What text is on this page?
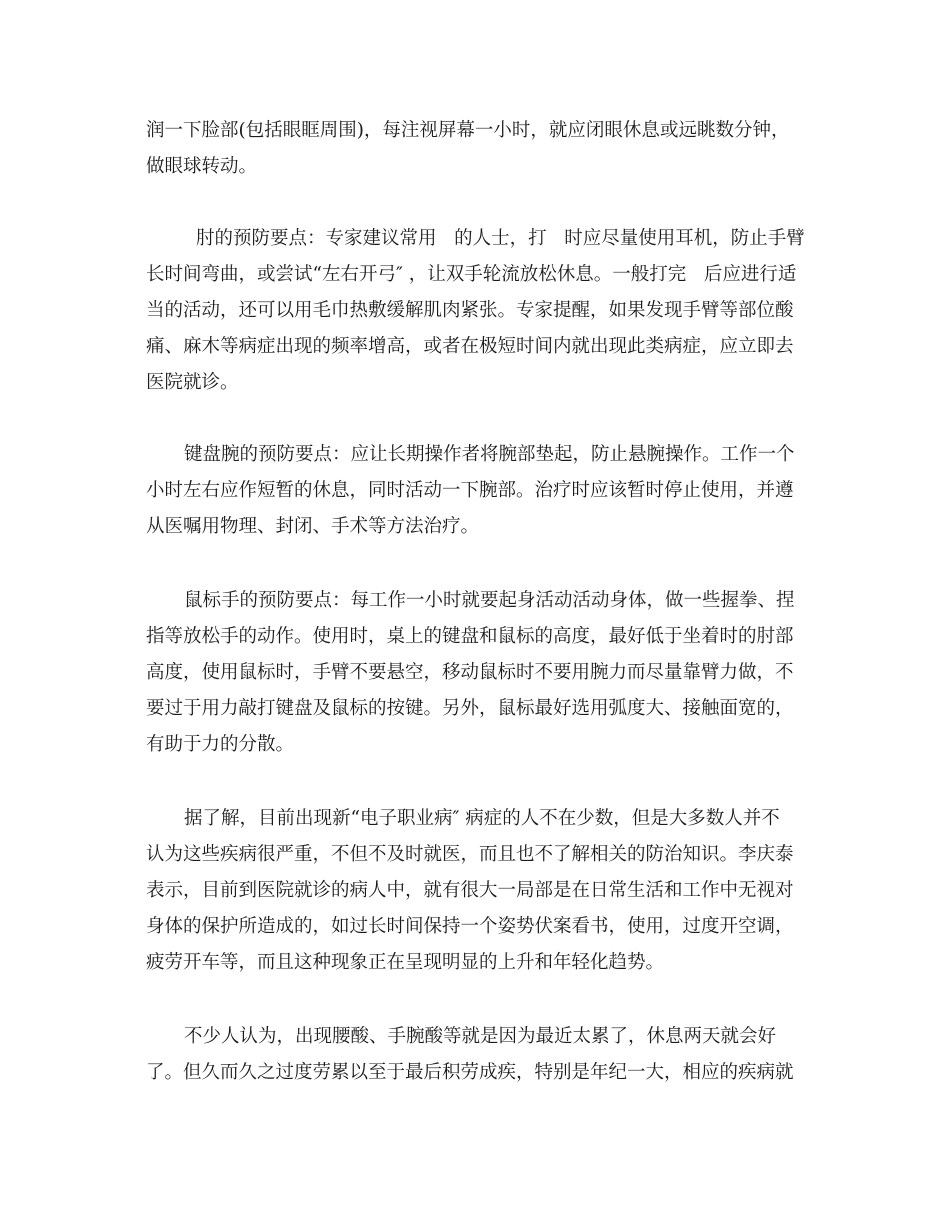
润一下脸部(包括眼眶周围)，每注视屏幕一小时，就应闭眼休息或远眺数分钟，
做眼球转动。
肘的预防要点：专家建议常用   的人士，打   时应尽量使用耳机，防止手臂
长时间弯曲，或尝试“左右开弓″ ，让双手轮流放松休息。一般打完   后应进行适
当的活动，还可以用毛巾热敷缓解肌肉紧张。专家提醒，如果发现手臂等部位酸
痛、麻木等病症出现的频率增高，或者在极短时间内就出现此类病症，应立即去
医院就诊。
键盘腕的预防要点：应让长期操作者将腕部垫起，防止悬腕操作。工作一个
小时左右应作短暂的休息，同时活动一下腕部。治疗时应该暂时停止使用，并遵
从医嘱用物理、封闭、手术等方法治疗。
鼠标手的预防要点：每工作一小时就要起身活动活动身体，做一些握拳、捏
指等放松手的动作。使用时，桌上的键盘和鼠标的高度，最好低于坐着时的肘部
高度，使用鼠标时，手臂不要悬空，移动鼠标时不要用腕力而尽量靠臂力做，不
要过于用力敲打键盘及鼠标的按键。另外，鼠标最好选用弧度大、接触面宽的，
有助于力的分散。
据了解，目前出现新“电子职业病″ 病症的人不在少数，但是大多数人并不
认为这些疾病很严重，不但不及时就医，而且也不了解相关的防治知识。李庆泰
表示，目前到医院就诊的病人中，就有很大一局部是在日常生活和工作中无视对
身体的保护所造成的，如过长时间保持一个姿势伏案看书，使用，过度开空调，
疲劳开车等，而且这种现象正在呈现明显的上升和年轻化趋势。
不少人认为，出现腰酸、手腕酸等就是因为最近太累了，休息两天就会好
了。但久而久之过度劳累以至于最后积劳成疾，特别是年纪一大，相应的疾病就
